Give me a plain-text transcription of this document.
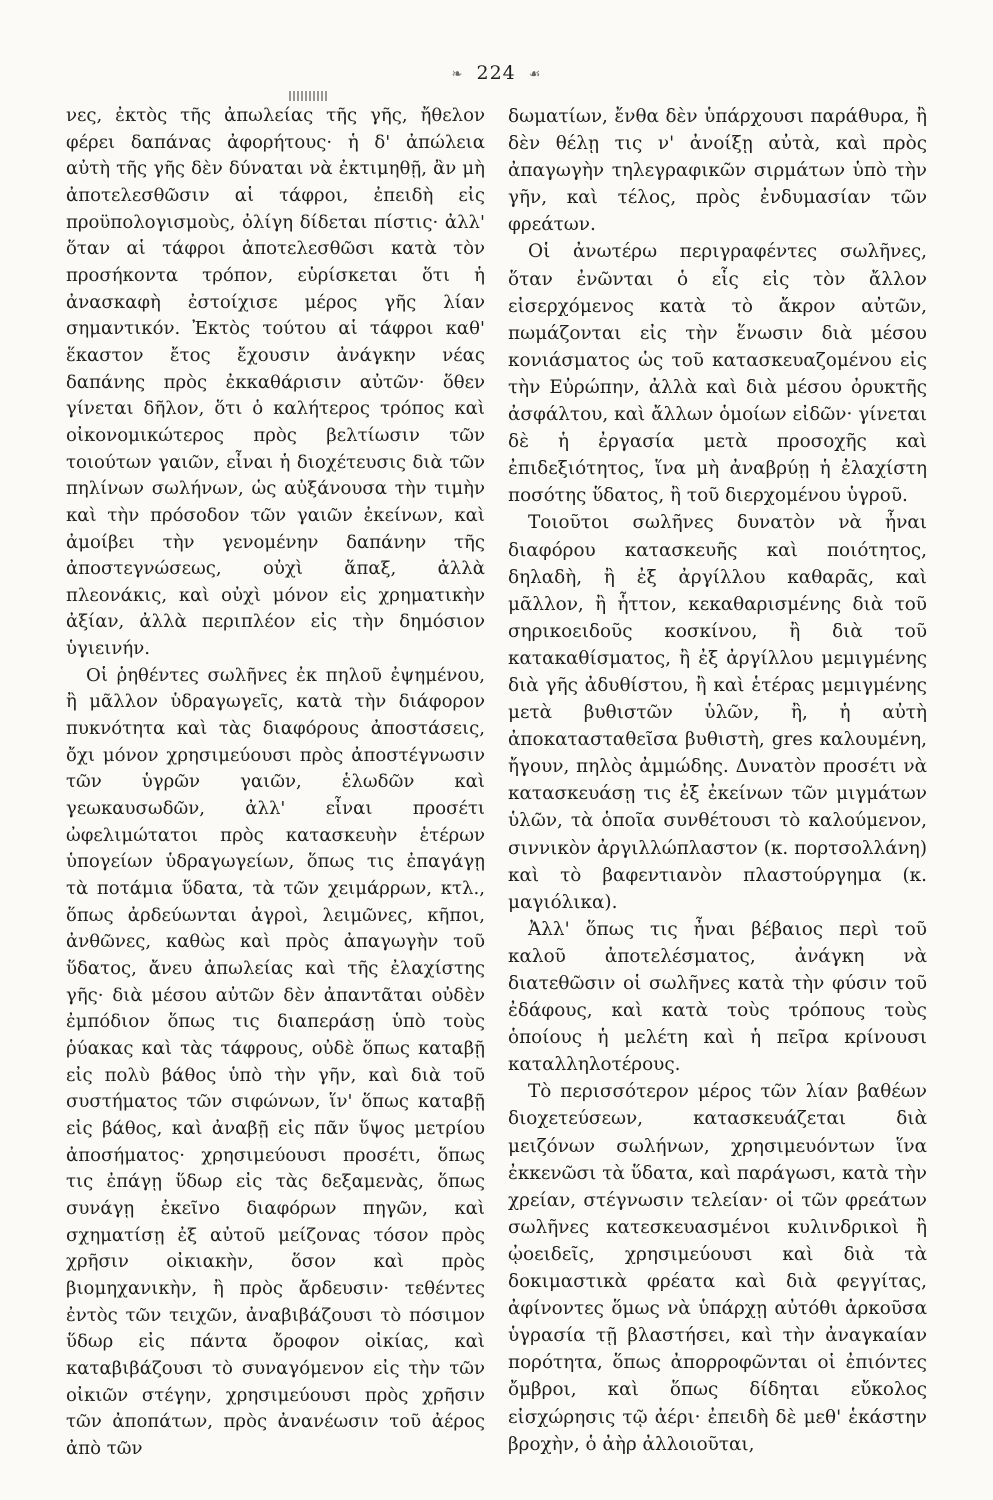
❧ 224 ☙

νες, ἐκτὸς τῆς ἀπωλείας τῆς γῆς, ἤθελον φέρει δαπάνας ἀφορήτους· ἡ δ' ἀπώλεια αὐτὴ τῆς γῆς δὲν δύναται νὰ ἐκτιμηθῇ, ἂν μὴ ἀποτελεσθῶσιν αἱ τάφροι, ἐπειδὴ εἰς προϋπολογισμοὺς, ὀλίγη δίδεται πίστις· ἀλλ' ὅταν αἱ τάφροι ἀποτελεσθῶσι κατὰ τὸν προσήκοντα τρόπον, εὑρίσκεται ὅτι ἡ ἀνασκαφὴ ἐστοίχισε μέρος γῆς λίαν σημαντικόν. Ἐκτὸς τούτου αἱ τάφροι καθ' ἕκαστον ἔτος ἔχουσιν ἀνάγκην νέας δαπάνης πρὸς ἐκκαθάρισιν αὐτῶν· ὅθεν γίνεται δῆλον, ὅτι ὁ καλήτερος τρόπος καὶ οἰκονομικώτερος πρὸς βελτίωσιν τῶν τοιούτων γαιῶν, εἶναι ἡ διοχέτευσις διὰ τῶν πηλίνων σωλήνων, ὡς αὐξάνουσα τὴν τιμὴν καὶ τὴν πρόσοδον τῶν γαιῶν ἐκείνων, καὶ ἀμοίβει τὴν γενομένην δαπάνην τῆς ἀποστεγνώσεως, οὐχὶ ἅπαξ, ἀλλὰ πλεονάκις, καὶ οὐχὶ μόνον εἰς χρηματικὴν ἀξίαν, ἀλλὰ περιπλέον εἰς τὴν δημόσιον ὑγιεινήν.

Οἱ ῥηθέντες σωλῆνες ἐκ πηλοῦ ἐψημένου, ἢ μᾶλλον ὑδραγωγεῖς, κατὰ τὴν διάφορον πυκνότητα καὶ τὰς διαφόρους ἀποστάσεις, ὄχι μόνον χρησιμεύουσι πρὸς ἀποστέγνωσιν τῶν ὑγρῶν γαιῶν, ἑλωδῶν καὶ γεωκαυσωδῶν, ἀλλ' εἶναι προσέτι ὠφελιμώτατοι πρὸς κατασκευὴν ἑτέρων ὑπογείων ὑδραγωγείων, ὅπως τις ἐπαγάγῃ τὰ ποτάμια ὕδατα, τὰ τῶν χειμάρρων, κτλ., ὅπως ἀρδεύωνται ἀγροὶ, λειμῶνες, κῆποι, ἀνθῶνες, καθὼς καὶ πρὸς ἀπαγωγὴν τοῦ ὕδατος, ἄνευ ἀπωλείας καὶ τῆς ἐλαχίστης γῆς· διὰ μέσου αὐτῶν δὲν ἀπαντᾶται οὐδὲν ἐμπόδιον ὅπως τις διαπεράσῃ ὑπὸ τοὺς ῥύακας καὶ τὰς τάφρους, οὐδὲ ὅπως καταβῇ εἰς πολὺ βάθος ὑπὸ τὴν γῆν, καὶ διὰ τοῦ συστήματος τῶν σιφώνων, ἵν' ὅπως καταβῇ εἰς βάθος, καὶ ἀναβῇ εἰς πᾶν ὕψος μετρίου ἀποσήματος· χρησιμεύουσι προσέτι, ὅπως τις ἐπάγῃ ὕδωρ εἰς τὰς δεξαμενὰς, ὅπως συνάγῃ ἐκεῖνο διαφόρων πηγῶν, καὶ σχηματίσῃ ἐξ αὐτοῦ μείζονας τόσον πρὸς χρῆσιν οἰκιακὴν, ὅσον καὶ πρὸς βιομηχανικὴν, ἢ πρὸς ἄρδευσιν· τεθέντες ἐντὸς τῶν τειχῶν, ἀναβιβάζουσι τὸ πόσιμον ὕδωρ εἰς πάντα ὄροφον οἰκίας, καὶ καταβιβάζουσι τὸ συναγόμενον εἰς τὴν τῶν οἰκιῶν στέγην, χρησιμεύουσι πρὸς χρῆσιν τῶν ἀποπάτων, πρὸς ἀνανέωσιν τοῦ ἀέρος ἀπὸ τῶν

δωματίων, ἔνθα δὲν ὑπάρχουσι παράθυρα, ἢ δὲν θέλῃ τις ν' ἀνοίξῃ αὐτὰ, καὶ πρὸς ἀπαγωγὴν τηλεγραφικῶν σιρμάτων ὑπὸ τὴν γῆν, καὶ τέλος, πρὸς ἐνδυμασίαν τῶν φρεάτων.

Οἱ ἀνωτέρω περιγραφέντες σωλῆνες, ὅταν ἐνῶνται ὁ εἷς εἰς τὸν ἄλλον εἰσερχόμενος κατὰ τὸ ἄκρον αὐτῶν, πωμάζονται εἰς τὴν ἕνωσιν διὰ μέσου κονιάσματος ὡς τοῦ κατασκευαζομένου εἰς τὴν Εὐρώπην, ἀλλὰ καὶ διὰ μέσου ὀρυκτῆς ἀσφάλτου, καὶ ἄλλων ὁμοίων εἰδῶν· γίνεται δὲ ἡ ἐργασία μετὰ προσοχῆς καὶ ἐπιδεξιότητος, ἵνα μὴ ἀναβρύῃ ἡ ἐλαχίστη ποσότης ὕδατος, ἢ τοῦ διερχομένου ὑγροῦ.

Τοιοῦτοι σωλῆνες δυνατὸν νὰ ἦναι διαφόρου κατασκευῆς καὶ ποιότητος, δηλαδὴ, ἢ ἐξ ἀργίλλου καθαρᾶς, καὶ μᾶλλον, ἢ ἧττον, κεκαθαρισμένης διὰ τοῦ σηρικοειδοῦς κοσκίνου, ἢ διὰ τοῦ κατακαθίσματος, ἢ ἐξ ἀργίλλου μεμιγμένης διὰ γῆς ἀδυθίστου, ἢ καὶ ἑτέρας μεμιγμένης μετὰ βυθιστῶν ὑλῶν, ἢ, ἡ αὐτὴ ἀποκατασταθεῖσα βυθιστὴ, gres καλουμένη, ἤγουν, πηλὸς ἀμμώδης. Δυνατὸν προσέτι νὰ κατασκευάσῃ τις ἐξ ἐκείνων τῶν μιγμάτων ὑλῶν, τὰ ὁποῖα συνθέτουσι τὸ καλούμενον, σιννικὸν ἀργιλλώπλαστον (κ. πορτσολλάνη) καὶ τὸ βαφεντιανὸν πλαστούργημα (κ. μαγιόλικα).

Ἀλλ' ὅπως τις ἦναι βέβαιος περὶ τοῦ καλοῦ ἀποτελέσματος, ἀνάγκη νὰ διατεθῶσιν οἱ σωλῆνες κατὰ τὴν φύσιν τοῦ ἐδάφους, καὶ κατὰ τοὺς τρόπους τοὺς ὁποίους ἡ μελέτη καὶ ἡ πεῖρα κρίνουσι καταλληλοτέρους.

Τὸ περισσότερον μέρος τῶν λίαν βαθέων διοχετεύσεων, κατασκευάζεται διὰ μειζόνων σωλήνων, χρησιμευόντων ἵνα ἐκκενῶσι τὰ ὕδατα, καὶ παράγωσι, κατὰ τὴν χρείαν, στέγνωσιν τελείαν· οἱ τῶν φρεάτων σωλῆνες κατεσκευασμένοι κυλινδρικοὶ ἢ ᾠοειδεῖς, χρησιμεύουσι καὶ διὰ τὰ δοκιμαστικὰ φρέατα καὶ διὰ φεγγίτας, ἀφίνοντες ὅμως νὰ ὑπάρχῃ αὐτόθι ἀρκοῦσα ὑγρασία τῇ βλαστήσει, καὶ τὴν ἀναγκαίαν πορότητα, ὅπως ἀπορροφῶνται οἱ ἐπιόντες ὄμβροι, καὶ ὅπως δίδηται εὔκολος εἰσχώρησις τῷ ἀέρι· ἐπειδὴ δὲ μεθ' ἑκάστην βροχὴν, ὁ ἀὴρ ἀλλοιοῦται,
